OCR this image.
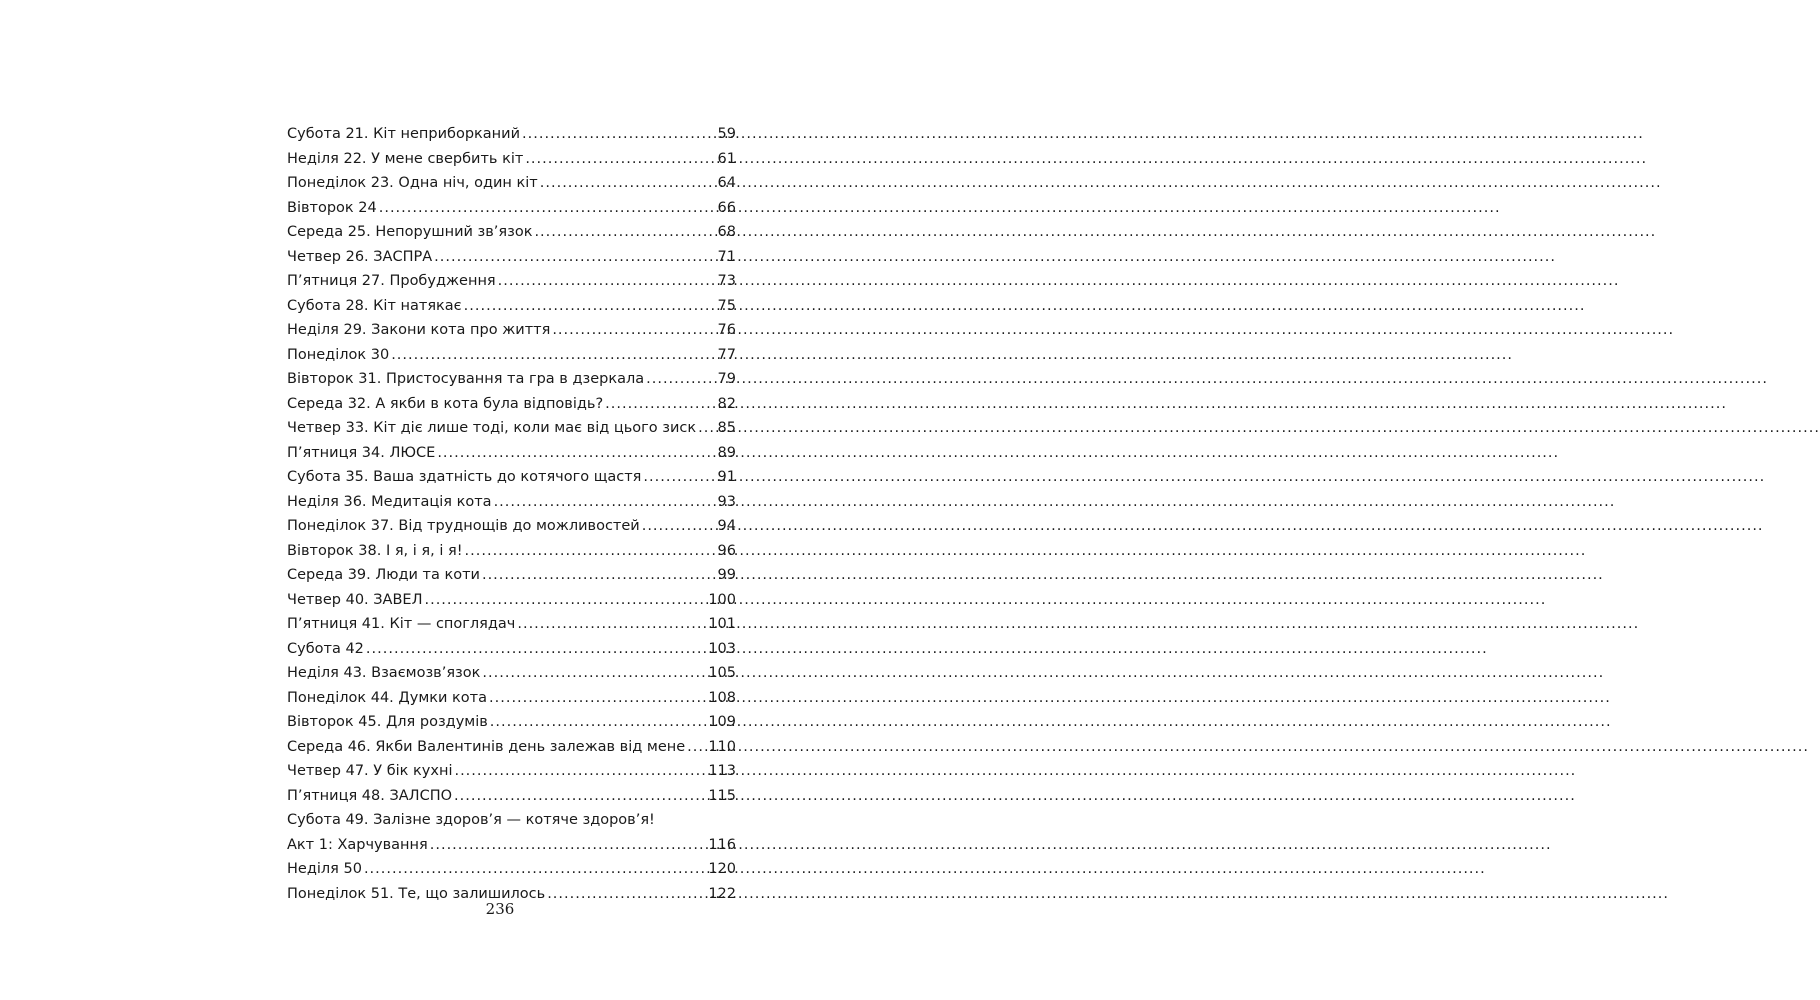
Субота 21. Кіт неприборканий .....	59
Неділя 22. У мене свербить кіт .....	61
Понеділок 23. Одна ніч, один кіт .....	64
Вівторок 24 .....	66
Середа 25. Непорушний зв’язок .....	68
Четвер 26. ЗАСПРА .....	71
П’ятниця 27. Пробудження .....	73
Субота 28. Кіт натякає .....	75
Неділя 29. Закони кота про життя .....	76
Понеділок 30 .....	77
Вівторок 31. Пристосування та гра в дзеркала .....	79
Середа 32. А якби в кота була відповідь? .....	82
Четвер 33. Кіт діє лише тоді, коли має від цього зиск ..... 85
П’ятниця 34. ЛЮСЕ .....	89
Субота 35. Ваша здатність до котячого щастя .....	91
Неділя 36. Медитація кота .....	93
Понеділок 37. Від труднощів до можливостей .....	94
Вівторок 38. І я, і я, і я! .....	96
Середа 39. Люди та коти .....	99
Четвер 40. ЗАВЕЛ .....	100
П’ятниця 41. Кіт — споглядач .....	101
Субота 42 .....	103
Неділя 43. Взаємозв’язок .....	105
Понеділок 44. Думки кота .....	108
Вівторок 45. Для роздумів .....	109
Середа 46. Якби Валентинів день залежав від мене ..... 110
Четвер 47. У бік кухні .....	113
П’ятниця 48. ЗАЛСПО .....	115
Субота 49. Залізне здоров’я — котяче здоров’я!
Акт 1: Харчування .....	116
Неділя 50 .....	120
Понеділок 51. Те, що залишилось .....	122
236
